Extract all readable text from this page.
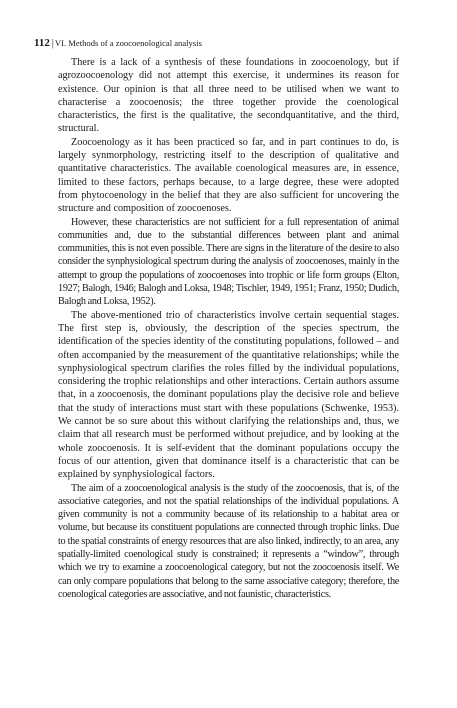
112 |VI. Methods of a zoocoenological analysis

There is a lack of a synthesis of these foundations in zoocoenology, but if agrozoocoenology did not attempt this exercise, it undermines its reason for existence. Our opinion is that all three need to be utilised when we want to characterise a zoocoenosis; the three together provide the coenological characteristics, the first is the qualitative, the secondquantitative, and the third, structural.

Zoocoenology as it has been practiced so far, and in part continues to do, is largely synmorphology, restricting itself to the description of qualitative and quantitative characteristics. The available coenological measures are, in essence, limited to these factors, perhaps because, to a large degree, these were adopted from phytocoenology in the belief that they are also sufficient for uncovering the structure and composition of zoocoenoses.

However, these characteristics are not sufficient for a full representation of animal communities and, due to the substantial differences between plant and animal communities, this is not even possible. There are signs in the literature of the desire to also consider the synphysiological spectrum during the analysis of zoocoenoses, mainly in the attempt to group the populations of zoocoenoses into trophic or life form groups (Elton, 1927; Balogh, 1946; Balogh and Loksa, 1948; Tischler, 1949, 1951; Franz, 1950; Dudich, Balogh and Loksa, 1952).

The above-mentioned trio of characteristics involve certain sequential stages. The first step is, obviously, the description of the species spectrum, the identification of the species identity of the constituting populations, followed – and often accompanied by the measurement of the quantitative relationships; while the synphysiological spectrum clarifies the roles filled by the individual populations, considering the trophic relationships and other interactions. Certain authors assume that, in a zoocoenosis, the dominant populations play the decisive role and believe that the study of interactions must start with these populations (Schwenke, 1953). We cannot be so sure about this without clarifying the relationships and, thus, we claim that all research must be performed without prejudice, and by looking at the whole zoocoenosis. It is self-evident that the dominant populations occupy the focus of our attention, given that dominance itself is a characteristic that can be explained by synphysiological factors.

The aim of a zoocoenological analysis is the study of the zoocoenosis, that is, of the associative categories, and not the spatial relationships of the individual populations. A given community is not a community because of its relationship to a habitat area or volume, but because its constituent populations are connected through trophic links. Due to the spatial constraints of energy resources that are also linked, indirectly, to an area, any spatially-limited coenological study is constrained; it represents a “window”, through which we try to examine a zoocoenological category, but not the zoocoenosis itself. We can only compare populations that belong to the same associative category; therefore, the coenological categories are associative, and not faunistic, characteristics.
